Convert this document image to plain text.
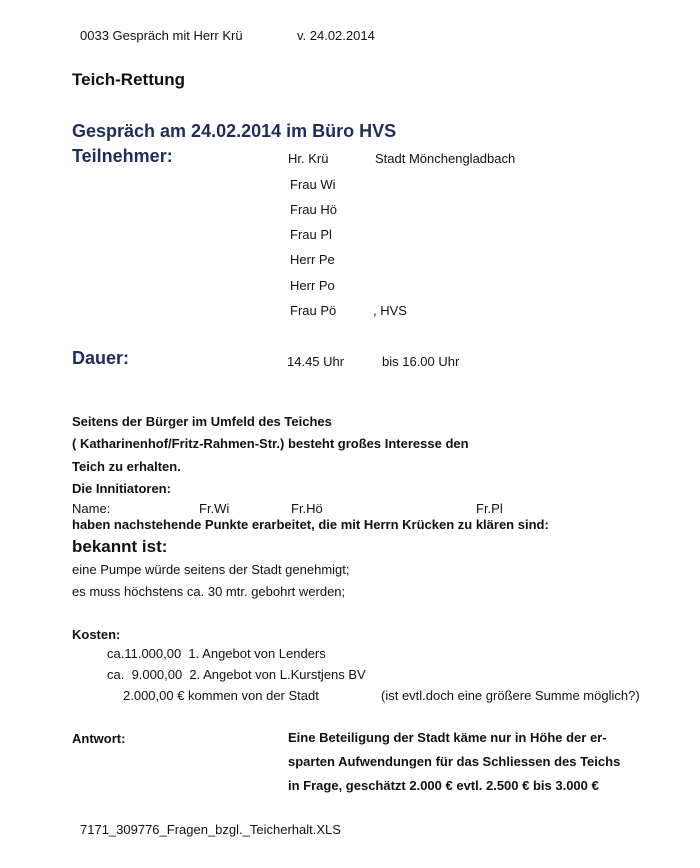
0033 Gespräch mit Herr Krü	v. 24.02.2014
Teich-Rettung
Gespräch am 24.02.2014 im Büro HVS
Teilnehmer:	Hr. Krü	Stadt Mönchengladbach
Frau Wi
Frau Hö
Frau Pl
Herr Pe
Herr Po
Frau Pö	, HVS
Dauer:	14.45 Uhr	bis 16.00 Uhr
Seitens der Bürger im Umfeld des Teiches
( Katharinenhof/Fritz-Rahmen-Str.) besteht großes Interesse den
Teich zu erhalten.
Die Innitiatoren:
Name:	Fr.Wi	Fr.Hö	Fr.Pl
haben nachstehende Punkte erarbeitet, die mit Herrn Krücken zu klären sind:
bekannt ist:
eine Pumpe würde seitens der Stadt genehmigt;
es muss höchstens ca. 30 mtr. gebohrt werden;
Kosten:
ca.11.000,00  1. Angebot von Lenders
ca.  9.000,00  2. Angebot von L.Kurstjens BV
2.000,00 € kommen von der Stadt	(ist evtl.doch eine größere Summe möglich?)
Antwort:	Eine Beteiligung der Stadt käme nur in Höhe der er-
sparten Aufwendungen für das Schliessen des Teichs
in Frage, geschätzt 2.000 € evtl. 2.500 € bis 3.000 €
7171_309776_Fragen_bzgl._Teicherhalt.XLS
